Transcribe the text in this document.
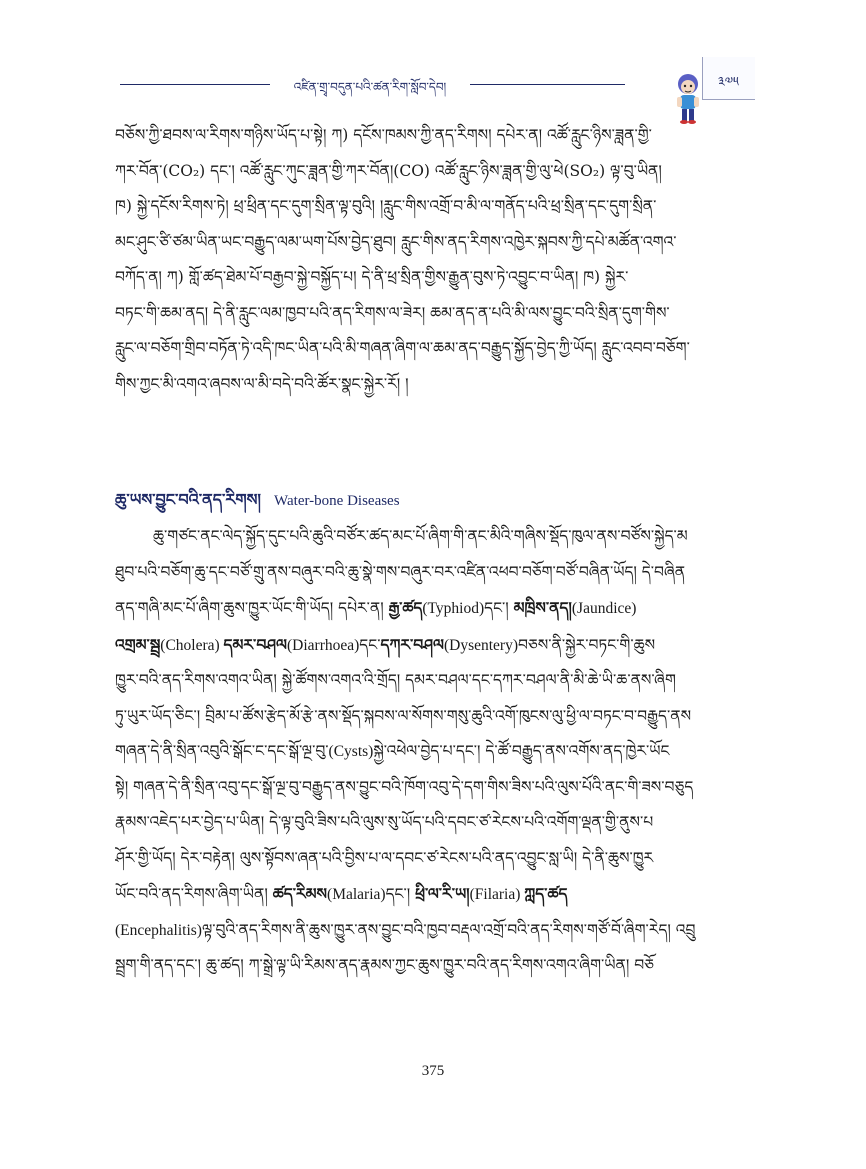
འཛིན་གྲྭ་བདུན་པའི་ཚན་རིག་སློབ་དེབ།	༣༧༥

བཅོས་ཀྱི་ཐབས་ལ་རིགས་གཉིས་ཡོད་པ་སྟེ། ཀ) དངོས་ཁམས་ཀྱི་ནད་རིགས། དཔེར་ན། འཚོ་རླུང་ཉིས་ཟླན་གྱི་

ཀར་བོན་(CO₂) དང་། འཚོ་རླུང་ཀུང་ཟླན་གྱི་ཀར་བོན།(CO) འཚོ་རླུང་ཉིས་ཟླན་གྱི་ལུ་ཕེ(SO₂) ལྟ་བུ་ཡིན།

ཁ) སྐྱེ་དངོས་རིགས་ཏེ། ཕྲ་ཕྲིན་དང་དུག་སྲིན་ལྟ་བུའི། །རླུང་གིས་འགྲོ་བ་མི་ལ་གནོད་པའི་ཕྲ་སྲིན་དང་དུག་སྲིན་

མང་ཤུང་ཙི་ཙམ་ཡིན་ཡང་བརྒྱུད་ལམ་ཡག་པོས་བྱེད་ཐུབ། རླུང་གིས་ནད་རིགས་འཁྱེར་སྐབས་ཀྱི་དཔེ་མཚོན་འགའ་

བཀོད་ན། ཀ) གློ་ཚད་ཐེམ་པོ་བརྒྱབ་སྐྱེ་བསྐྱོད་པ། དེ་ནི་ཕྲ་སྲིན་གྱིས་རྒྱུན་བུས་ཏེ་འབྱུང་བ་ཡིན། ཁ) སྐྱེར་

བཏང་གི་ཆམ་ནད། དེ་ནི་རླུང་ལམ་ཁྱབ་པའི་ནད་རིགས་ལ་ཟེར། ཆམ་ནད་ན་པའི་མི་ལས་བྱུང་བའི་སྲིན་དུག་གིས་

རླུང་ལ་བཅོག་གྲིབ་བཏོན་ཏེ་འདི་ཁང་ཡིན་པའི་མི་གཞན་ཞིག་ལ་ཆམ་ནད་བརྒྱུད་སྐྱོད་བྱེད་ཀྱི་ཡོད། རླུང་འབབ་བཅོག་

གིས་ཀྱང་མི་འགའ་ཞབས་ལ་མི་བདེ་བའི་ཚོར་སྣང་སྐྱེར་རོ། །

ཆུ་ཡས་བྱུང་བའི་ནད་རིགས། Water-bone Diseases

ཆུ་གཙང་ནང་ལེད་སྐྱོད་དུང་པའི་ཆུའི་བཙོར་ཚད་མང་པོ་ཞིག་གི་ནང་མིའི་གཞིས་སྡོད་ཁུལ་ནས་བཙོས་སྐྱེད་མ

ཐུབ་པའི་བཅོག་ཆུ་དང་བཙོ་གྲུ་ནས་བཞུར་བའི་ཆུ་སྣེ་གས་བཞུར་བར་འཛིན་འཕབ་བཅོག་བཙོ་བཞིན་ཡོད། དེ་བཞིན

ནད་གཞི་མང་པོ་ཞིག་ཆུས་ཁྱུར་ཡོང་གི་ཡོད། དཔེར་ན། རྒྱ་ཚད(Typhiod)དང་། མཁྲིས་ནད།(Jaundice)

འགྲམ་སྦྲ(Cholera) དམར་བཤལ(Diarrhoea)དང་དཀར་བཤལ(Dysentery)བཅས་ནི་སྐྱེར་བཏང་གི་ཆུས

ཁྱུར་བའི་ནད་རིགས་འགའ་ཡིན། སྐྱེ་ཚོགས་འགའ་འི་གྲོད། དམར་བཤལ་དང་དཀར་བཤལ་ནི་མི་ཆེ་ཡི་ཆ་ནས་ཞིག

ཏུ་ཡུར་ཡོད་ཅིང་། བྲིམ་པ་ཚོས་རྩེད་མོ་རྩེ་ནས་སྡོད་སྐབས་ལ་སོགས་གསུ་ཆུའི་འགོ་ཁུངས་ལུ་ཕྱི་ལ་བཏང་བ་བརྒྱུད་ནས

གཞན་དེ་ནི་སྲིན་འབུའི་སྒོང་ང་དང་སྒོ་ལྔ་བུ་(Cysts)སྐྱེ་འཕེལ་བྱེད་པ་དང་། དེ་ཚོ་བརྒྱུད་ནས་འགོས་ནད་ཁྱེར་ཡོང

སྟེ། གཞན་དེ་ནི་སྲིན་འབུ་དང་སྒོ་ལྔ་བུ་བརྒྱུད་ནས་བྱུང་བའི་ཁོག་འབུ་དེ་དག་གིས་ཟིས་པའི་ལུས་པོའི་ནང་གི་ཟས་བཅུད

རྣམས་འཇེད་པར་བྱེད་པ་ཡིན། དེ་ལྟ་བུའི་ཟིས་པའི་ལུས་སུ་ཡོད་པའི་དབང་ཙ་རེངས་པའི་འགོག་ལྡན་གྱི་ནུས་པ

ཤོར་གྱི་ཡོད། དེར་བརྟེན། ལུས་སྟོབས་ཞན་པའི་བྱིས་པ་ལ་དབང་ཙ་རེངས་པའི་ནད་འབྱུང་སླ་ཡི། དེ་ནི་ཆུས་ཁྱུར

ཡོང་བའི་ནད་རིགས་ཞིག་ཡིན། ཚད་རིམས(Malaria)དང་། ཕྲི་ལ་རི་ཡ།(Filaria) ཀླད་ཚད

(Encephalitis)ལྟ་བུའི་ནད་རིགས་ནི་ཆུས་ཁྱུར་ནས་བྱུང་བའི་ཁྱབ་བརྡལ་འགྲོ་བའི་ནད་རིགས་གཙོ་བོ་ཞིག་རེད། འབྲུ

སྦྲག་གི་ནད་དང་། ཆུ་ཚད། ཀ་སྒྲེ་ལྟ་ཡི་རིམས་ནད་རྣམས་ཀྱང་ཆུས་ཁྱུར་བའི་ནད་རིགས་འགའ་ཞིག་ཡིན། བཅོ

375
